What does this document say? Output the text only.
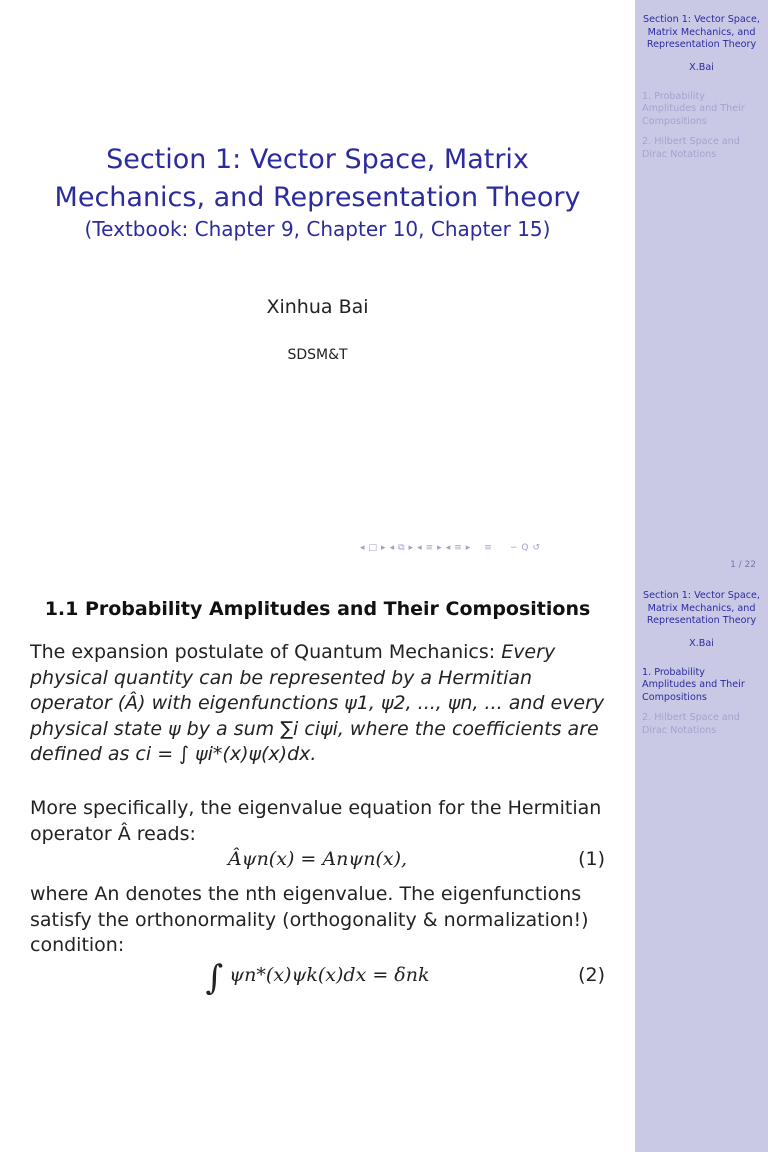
Section 1: Vector Space, Matrix
Mechanics, and Representation Theory
(Textbook: Chapter 9, Chapter 10, Chapter 15)
Xinhua Bai
SDSM&T
◂ □ ▸ ◂ ⧉ ▸ ◂ ≡ ▸ ◂ ≡ ▸ ≡ ∽ Q ↺
Section 1: Vector Space, Matrix Mechanics, and Representation Theory
X.Bai
1. Probability Amplitudes and Their Compositions
2. Hilbert Space and Dirac Notations
1 / 22
1.1 Probability Amplitudes and Their Compositions
The expansion postulate of Quantum Mechanics: Every physical quantity can be represented by a Hermitian operator (Â) with eigenfunctions ψ1, ψ2, ..., ψn, ... and every physical state ψ by a sum ∑i ciψi, where the coefficients are defined as ci = ∫ ψi*(x)ψ(x)dx.
More specifically, the eigenvalue equation for the Hermitian operator Â reads:
Âψn(x) = Anψn(x),	(1)
where An denotes the nth eigenvalue. The eigenfunctions satisfy the orthonormality (orthogonality & normalization!) condition:
∫ ψn*(x)ψk(x)dx = δnk	(2)
Section 1: Vector Space, Matrix Mechanics, and Representation Theory
X.Bai
1. Probability Amplitudes and Their Compositions
2. Hilbert Space and Dirac Notations
